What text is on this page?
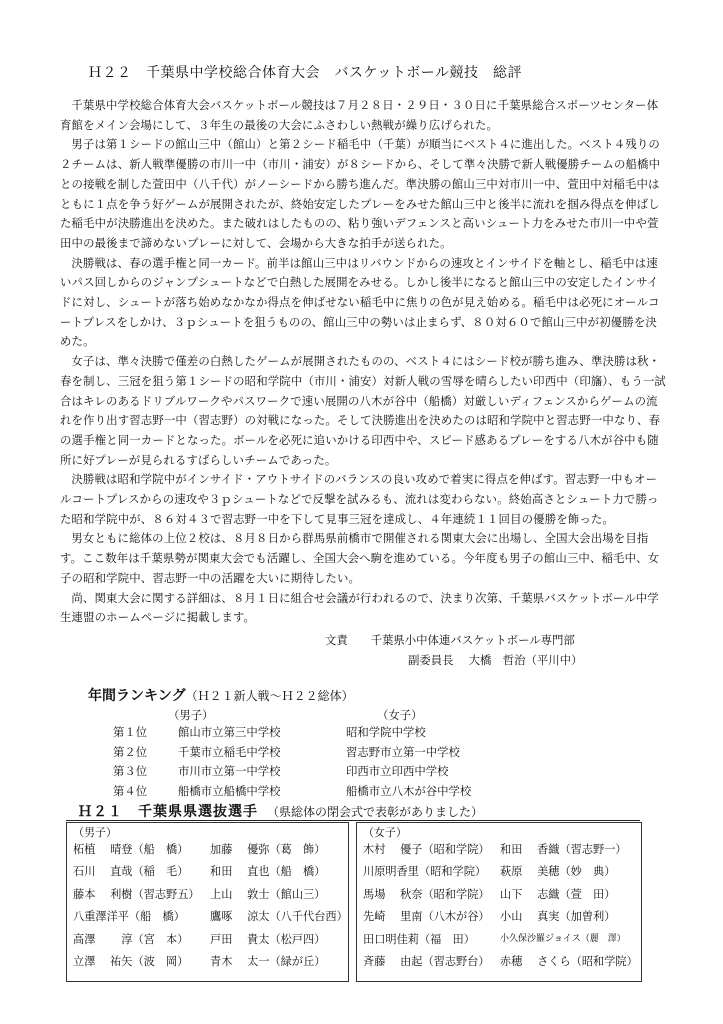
Ｈ２２　千葉県中学校総合体育大会　バスケットボール競技　総評

千葉県中学校総合体育大会バスケットボール競技は７月２８日・２９日・３０日に千葉県総合スポーツセンター体育館をメイン会場にして、３年生の最後の大会にふさわしい熱戦が繰り広げられた。

男子は第１シードの館山三中（館山）と第２シード稲毛中（千葉）が順当にベスト４に進出した。ベスト４残りの２チームは、新人戦準優勝の市川一中（市川・浦安）が８シードから、そして準々決勝で新人戦優勝チームの船橋中との接戦を制した萱田中（八千代）がノーシードから勝ち進んだ。準決勝の館山三中対市川一中、萱田中対稲毛中はともに１点を争う好ゲームが展開されたが、終始安定したプレーをみせた館山三中と後半に流れを掴み得点を伸ばした稲毛中が決勝進出を決めた。また破れはしたものの、粘り強いデフェンスと高いシュート力をみせた市川一中や萱田中の最後まで諦めないプレーに対して、会場から大きな拍手が送られた。

決勝戦は、春の選手権と同一カード。前半は館山三中はリバウンドからの速攻とインサイドを軸とし、稲毛中は速いパス回しからのジャンプシュートなどで白熱した展開をみせる。しかし後半になると館山三中の安定したインサイドに対し、シュートが落ち始めなかなか得点を伸ばせない稲毛中に焦りの色が見え始める。稲毛中は必死にオールコートプレスをしかけ、３ｐシュートを狙うものの、館山三中の勢いは止まらず、８０対６０で館山三中が初優勝を決めた。

女子は、準々決勝で僅差の白熱したゲームが展開されたものの、ベスト４にはシード校が勝ち進み、準決勝は秋・春を制し、三冠を狙う第１シードの昭和学院中（市川・浦安）対新人戦の雪辱を晴らしたい印西中（印旛）、もう一試合はキレのあるドリブルワークやパスワークで速い展開の八木が谷中（船橋）対厳しいディフェンスからゲームの流れを作り出す習志野一中（習志野）の対戦になった。そして決勝進出を決めたのは昭和学院中と習志野一中なり、春の選手権と同一カードとなった。ボールを必死に追いかける印西中や、スピード感あるプレーをする八木が谷中も随所に好プレーが見られるすばらしいチームであった。

決勝戦は昭和学院中がインサイド・アウトサイドのバランスの良い攻めで着実に得点を伸ばす。習志野一中もオールコートプレスからの速攻や３ｐシュートなどで反撃を試みるも、流れは変わらない。終始高さとシュート力で勝った昭和学院中が、８６対４３で習志野一中を下して見事三冠を達成し、４年連続１１回目の優勝を飾った。

男女ともに総体の上位２校は、８月８日から群馬県前橋市で開催される関東大会に出場し、全国大会出場を目指す。ここ数年は千葉県勢が関東大会でも活躍し、全国大会へ駒を進めている。今年度も男子の館山三中、稲毛中、女子の昭和学院中、習志野一中の活躍を大いに期待したい。

尚、関東大会に関する詳細は、８月１日に組合せ会議が行われるので、決まり次第、千葉県バスケットボール中学生連盟のホームページに掲載します。

文責　　千葉県小中体連バスケットボール専門部
副委員長　 大橋　哲治（平川中）
年間ランキング（Ｈ２１新人戦～Ｈ２２総体）
（男子）	（女子）
第１位	館山市立第三中学校	昭和学院中学校
第２位	千葉市立稲毛中学校	習志野市立第一中学校
第３位	市川市立第一中学校	印西市立印西中学校
第４位	船橋市立船橋中学校	船橋市立八木が谷中学校
Ｈ２１　千葉県県選抜選手　 （県総体の閉会式で表彰がありました）
（男子）
柘植　 晴登（船　橋） 加藤　 優弥（葛　飾）
石川　 直哉（稲　毛） 和田　 直也（船　橋）
藤本　 利樹（習志野五） 上山　 敦士（館山三）
八重澤洋平（船　橋） 鷹啄　 涼太（八千代台西）
高澤　　 淳（宮　本） 戸田　 貴太（松戸四）
立澤　 祐矢（波　岡） 青木　 太一（緑が丘）
（女子）
木村　 優子（昭和学院） 和田　 香織（習志野一）
川原明香里（昭和学院） 萩原　 美穂（妙　典）
馬場　 秋奈（昭和学院） 山下　 志織（萱　田）
先崎　 里南（八木が谷） 小山　 真実（加曽利）
田口明佳莉（福　田）	小久保沙羅ジョイス（麗　澤）
斉藤　 由起（習志野台） 赤穂　 さくら（昭和学院）
